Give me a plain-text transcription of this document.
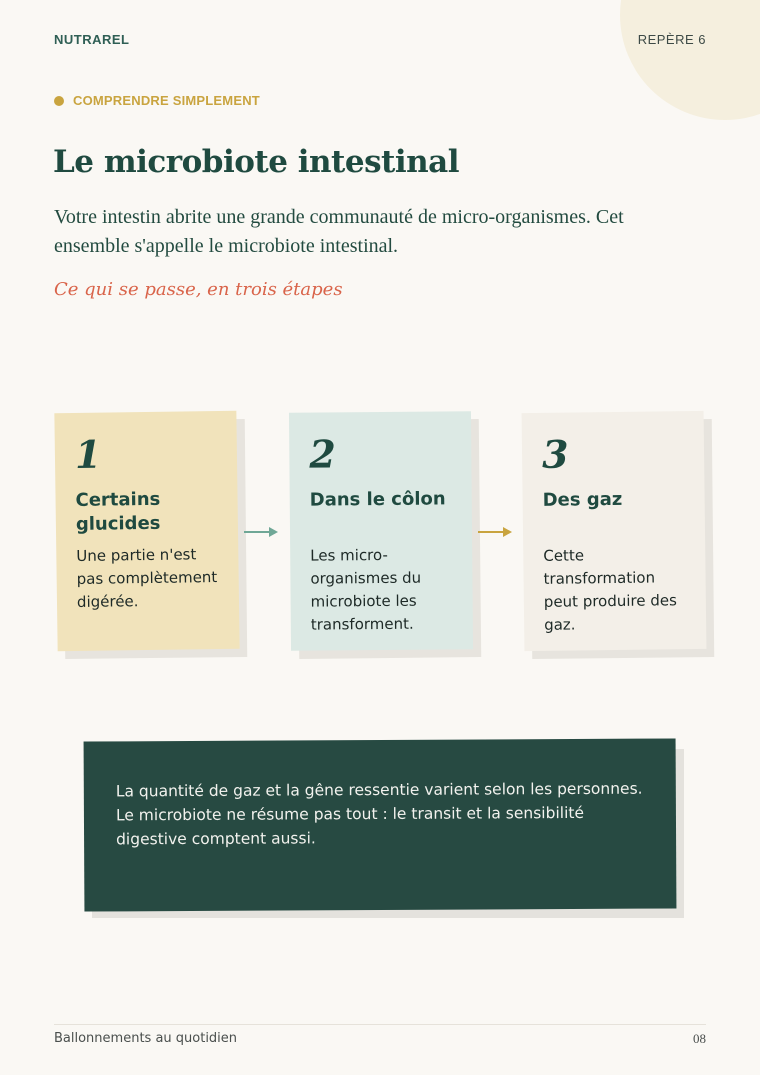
NUTRAREL	REPÈRE 6
COMPRENDRE SIMPLEMENT
Le microbiote intestinal

Votre intestin abrite une grande communauté de micro-organismes. Cet ensemble s'appelle le microbiote intestinal.

Ce qui se passe, en trois étapes
1
Certains glucides
Une partie n'est pas complètement digérée.
2
Dans le côlon
Les micro-organismes du microbiote les transforment.
3
Des gaz
Cette transformation peut produire des gaz.

La quantité de gaz et la gêne ressentie varient selon les personnes. Le microbiote ne résume pas tout : le transit et la sensibilité digestive comptent aussi.

Ballonnements au quotidien	08
